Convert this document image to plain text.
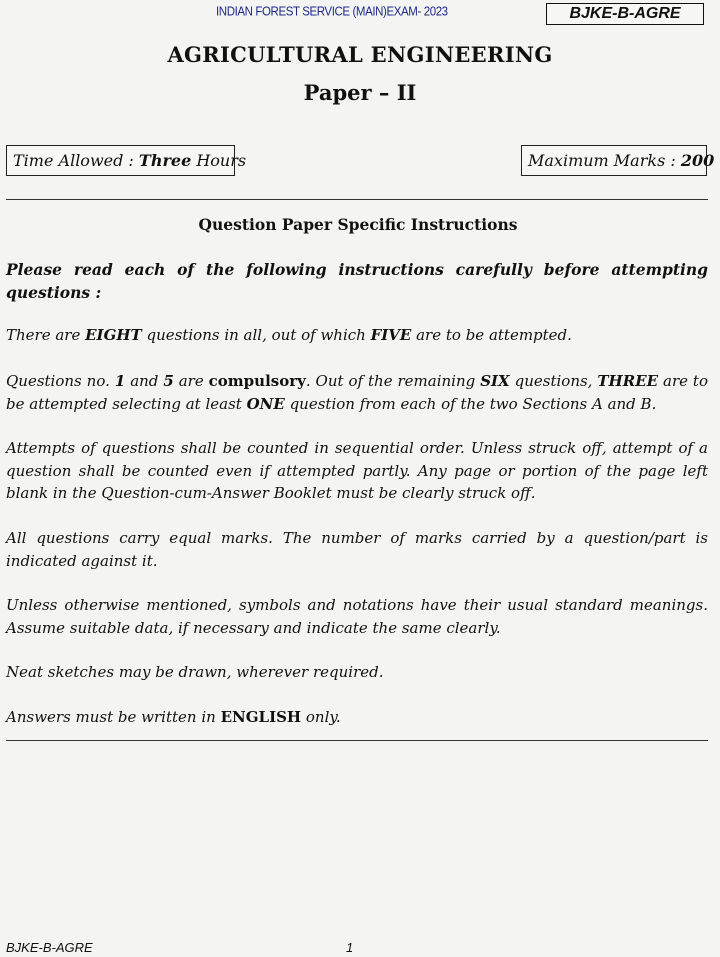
INDIAN FOREST SERVICE (MAIN)EXAM- 2023	BJKE-B-AGRE
AGRICULTURAL ENGINEERING
Paper – II
Time Allowed : Three Hours	Maximum Marks : 200
Question Paper Specific Instructions
Please read each of the following instructions carefully before attempting questions :
There are EIGHT questions in all, out of which FIVE are to be attempted.
Questions no. 1 and 5 are compulsory. Out of the remaining SIX questions, THREE are to be attempted selecting at least ONE question from each of the two Sections A and B.
Attempts of questions shall be counted in sequential order. Unless struck off, attempt of a question shall be counted even if attempted partly. Any page or portion of the page left blank in the Question-cum-Answer Booklet must be clearly struck off.
All questions carry equal marks. The number of marks carried by a question/part is indicated against it.
Unless otherwise mentioned, symbols and notations have their usual standard meanings. Assume suitable data, if necessary and indicate the same clearly.
Neat sketches may be drawn, wherever required.
Answers must be written in ENGLISH only.
BJKE-B-AGRE	1
